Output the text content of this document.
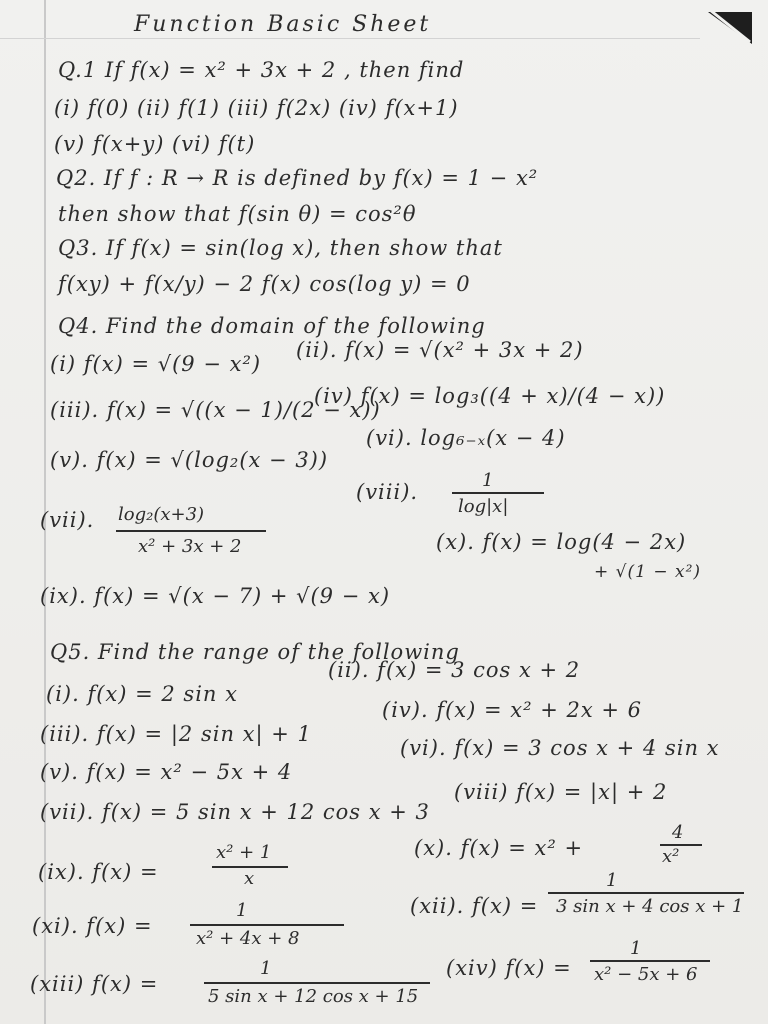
Function Basic Sheet
Q.1 If f(x) = x² + 3x + 2 , then find
(i) f(0) (ii) f(1) (iii) f(2x) (iv) f(x+1)
(v) f(x+y) (vi) f(t)
Q2. If f : R → R is defined by f(x) = 1 − x²
then show that f(sin θ) = cos²θ
Q3. If f(x) = sin(log x), then show that
f(xy) + f(x/y) − 2 f(x) cos(log y) = 0
Q4. Find the domain of the following
(i) f(x) = √(9 − x²)
(ii). f(x) = √(x² + 3x + 2)
(iii). f(x) = √((x − 1)/(2 − x))
(iv) f(x) = log₃((4 + x)/(4 − x))
(v). f(x) = √(log₂(x − 3))
(vi). log₆₋ₓ(x − 4)
(vii). log₂(x+3)
x² + 3x + 2
(viii).	1
log|x|
(ix). f(x) = √(x − 7) + √(9 − x)
(x). f(x) = log(4 − 2x)
+ √(1 − x²)
Q5. Find the range of the following
(i). f(x) = 2 sin x
(ii). f(x) = 3 cos x + 2
(iii). f(x) = |2 sin x| + 1
(iv). f(x) = x² + 2x + 6
(v). f(x) = x² − 5x + 4
(vi). f(x) = 3 cos x + 4 sin x
(vii). f(x) = 5 sin x + 12 cos x + 3
(viii) f(x) = |x| + 2
(ix). f(x) =
x² + 1
x
(x). f(x) = x² +
4
x²
(xi). f(x) =
1
x² + 4x + 8
(xii). f(x) =
1
3 sin x + 4 cos x + 1
(xiii) f(x) =
1
5 sin x + 12 cos x + 15
(xiv) f(x) =
1
x² − 5x + 6
